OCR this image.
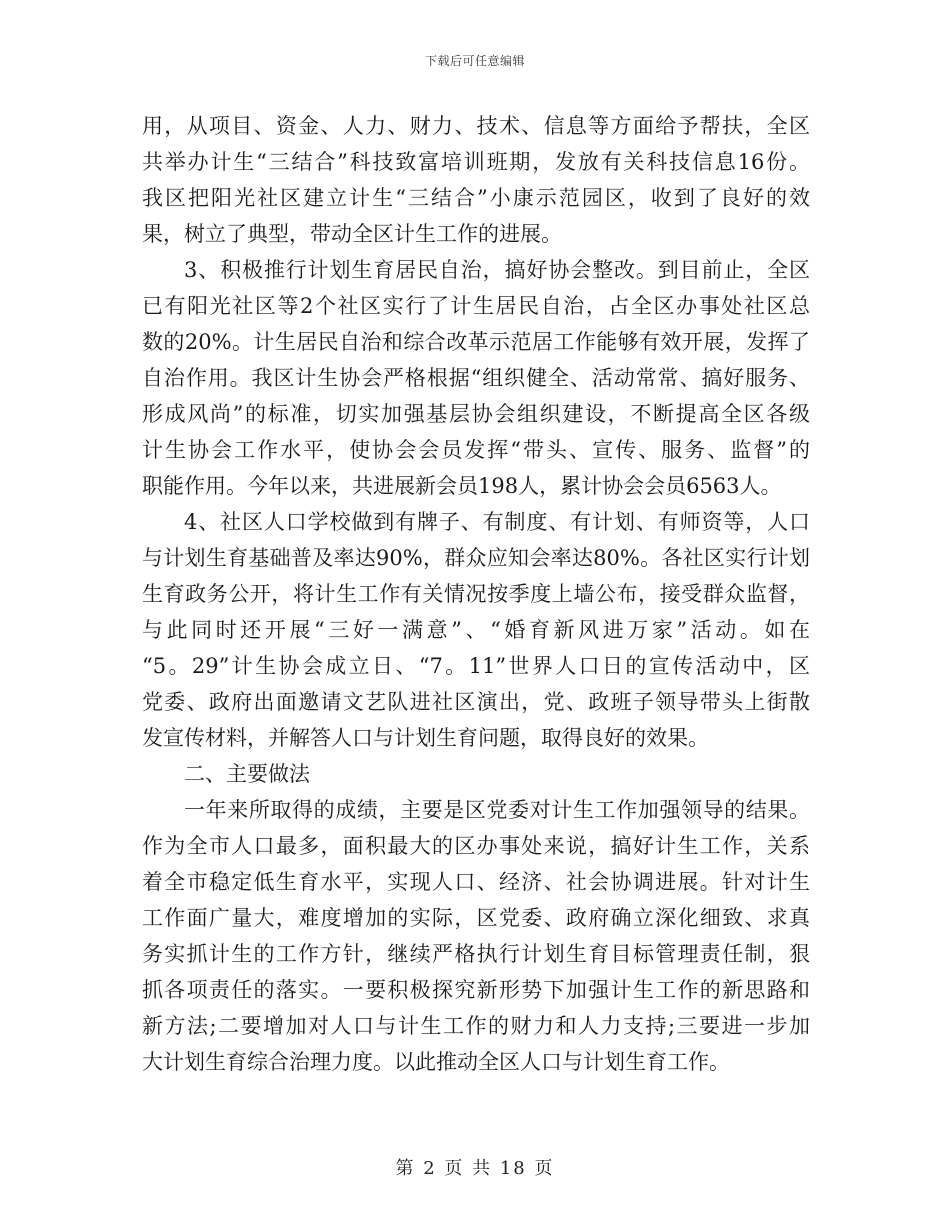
下载后可任意编辑
用，从项目、资金、人力、财力、技术、信息等方面给予帮扶，全区
共举办计生“三结合”科技致富培训班期，发放有关科技信息16份。
我区把阳光社区建立计生“三结合”小康示范园区，收到了良好的效
果，树立了典型，带动全区计生工作的进展。
3、积极推行计划生育居民自治，搞好协会整改。到目前止，全区
已有阳光社区等2个社区实行了计生居民自治，占全区办事处社区总
数的20%。计生居民自治和综合改革示范居工作能够有效开展，发挥了
自治作用。我区计生协会严格根据“组织健全、活动常常、搞好服务、
形成风尚”的标准，切实加强基层协会组织建设，不断提高全区各级
计生协会工作水平，使协会会员发挥“带头、宣传、服务、监督”的
职能作用。今年以来，共进展新会员198人，累计协会会员6563人。
4、社区人口学校做到有牌子、有制度、有计划、有师资等，人口
与计划生育基础普及率达90%，群众应知会率达80%。各社区实行计划
生育政务公开，将计生工作有关情况按季度上墙公布，接受群众监督，
与此同时还开展“三好一满意”、“婚育新风进万家”活动。如在
“5。29”计生协会成立日、“7。11”世界人口日的宣传活动中，区
党委、政府出面邀请文艺队进社区演出，党、政班子领导带头上街散
发宣传材料，并解答人口与计划生育问题，取得良好的效果。
二、主要做法
一年来所取得的成绩，主要是区党委对计生工作加强领导的结果。
作为全市人口最多，面积最大的区办事处来说，搞好计生工作，关系
着全市稳定低生育水平，实现人口、经济、社会协调进展。针对计生
工作面广量大，难度增加的实际，区党委、政府确立深化细致、求真
务实抓计生的工作方针，继续严格执行计划生育目标管理责任制，狠
抓各项责任的落实。一要积极探究新形势下加强计生工作的新思路和
新方法;二要增加对人口与计生工作的财力和人力支持;三要进一步加
大计划生育综合治理力度。以此推动全区人口与计划生育工作。
第 2 页 共 18 页
